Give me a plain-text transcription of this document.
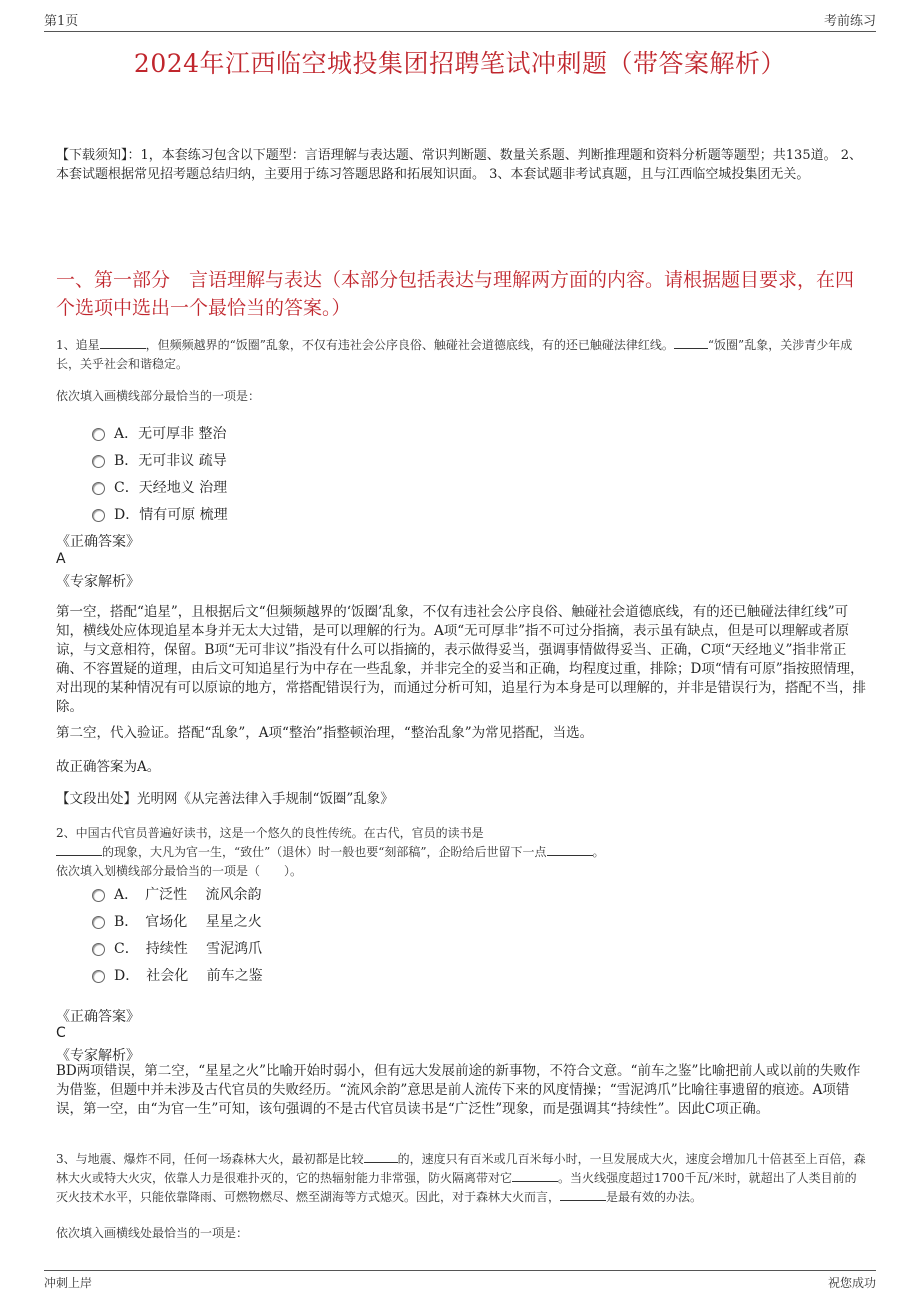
第1页	考前练习
2024年江西临空城投集团招聘笔试冲刺题（带答案解析）
【下载须知】：1，本套练习包含以下题型：言语理解与表达题、常识判断题、数量关系题、判断推理题和资料分析题等题型；共135道。 2、本套试题根据常见招考题总结归纳，主要用于练习答题思路和拓展知识面。 3、本套试题非考试真题，且与江西临空城投集团无关。
一、第一部分　言语理解与表达（本部分包括表达与理解两方面的内容。请根据题目要求，在四个选项中选出一个最恰当的答案。）
1、追星	，但频频越界的“饭圈”乱象，不仅有违社会公序良俗、触碰社会道德底线，有的还已触碰法律红线。	“饭圈”乱象，关涉青少年成长，关乎社会和谐稳定。
依次填入画横线部分最恰当的一项是：
A．无可厚非 整治
B．无可非议 疏导
C．天经地义 治理
D．情有可原 梳理
《正确答案》
A
《专家解析》
第一空，搭配“追星”，且根据后文“但频频越界的‘饭圈’乱象，不仅有违社会公序良俗、触碰社会道德底线，有的还已触碰法律红线”可知，横线处应体现追星本身并无太大过错，是可以理解的行为。A项“无可厚非”指不可过分指摘，表示虽有缺点，但是可以理解或者原谅，与文意相符，保留。B项“无可非议”指没有什么可以指摘的，表示做得妥当，强调事情做得妥当、正确，C项“天经地义”指非常正确、不容置疑的道理，由后文可知追星行为中存在一些乱象，并非完全的妥当和正确，均程度过重，排除；D项“情有可原”指按照情理，对出现的某种情况有可以原谅的地方，常搭配错误行为，而通过分析可知，追星行为本身是可以理解的，并非是错误行为，搭配不当，排除。
第二空，代入验证。搭配“乱象”，A项“整治”指整顿治理，“整治乱象”为常见搭配，当选。
故正确答案为A。
【文段出处】光明网《从完善法律入手规制“饭圈”乱象》
2、中国古代官员普遍好读书，这是一个悠久的良性传统。在古代，官员的读书是
的现象，大凡为官一生，“致仕”（退休）时一般也要“刻部稿”，企盼给后世留下一点	。
依次填入划横线部分最恰当的一项是（　　）。
A．　广泛性　 流风余韵
B．　官场化　 星星之火
C．　持续性　 雪泥鸿爪
D．　社会化　 前车之鉴
《正确答案》
C
《专家解析》
BD两项错误，第二空，“星星之火”比喻开始时弱小，但有远大发展前途的新事物，不符合文意。“前车之鉴”比喻把前人或以前的失败作为借鉴，但题中并未涉及古代官员的失败经历。“流风余韵”意思是前人流传下来的风度情操；“雪泥鸿爪”比喻往事遗留的痕迹。A项错误，第一空，由“为官一生”可知，该句强调的不是古代官员读书是“广泛性”现象，而是强调其“持续性”。因此C项正确。
3、与地震、爆炸不同，任何一场森林大火，最初都是比较	的，速度只有百米或几百米每小时，一旦发展成大火，速度会增加几十倍甚至上百倍，森林大火或特大火灾，依靠人力是很难扑灭的，它的热辐射能力非常强，防火隔离带对它	。当火线强度超过1700千瓦/米时，就超出了人类目前的灭火技术水平，只能依靠降雨、可燃物燃尽、燃至湖海等方式熄灭。因此，对于森林大火而言，	是最有效的办法。
依次填入画横线处最恰当的一项是：
冲刺上岸	祝您成功
